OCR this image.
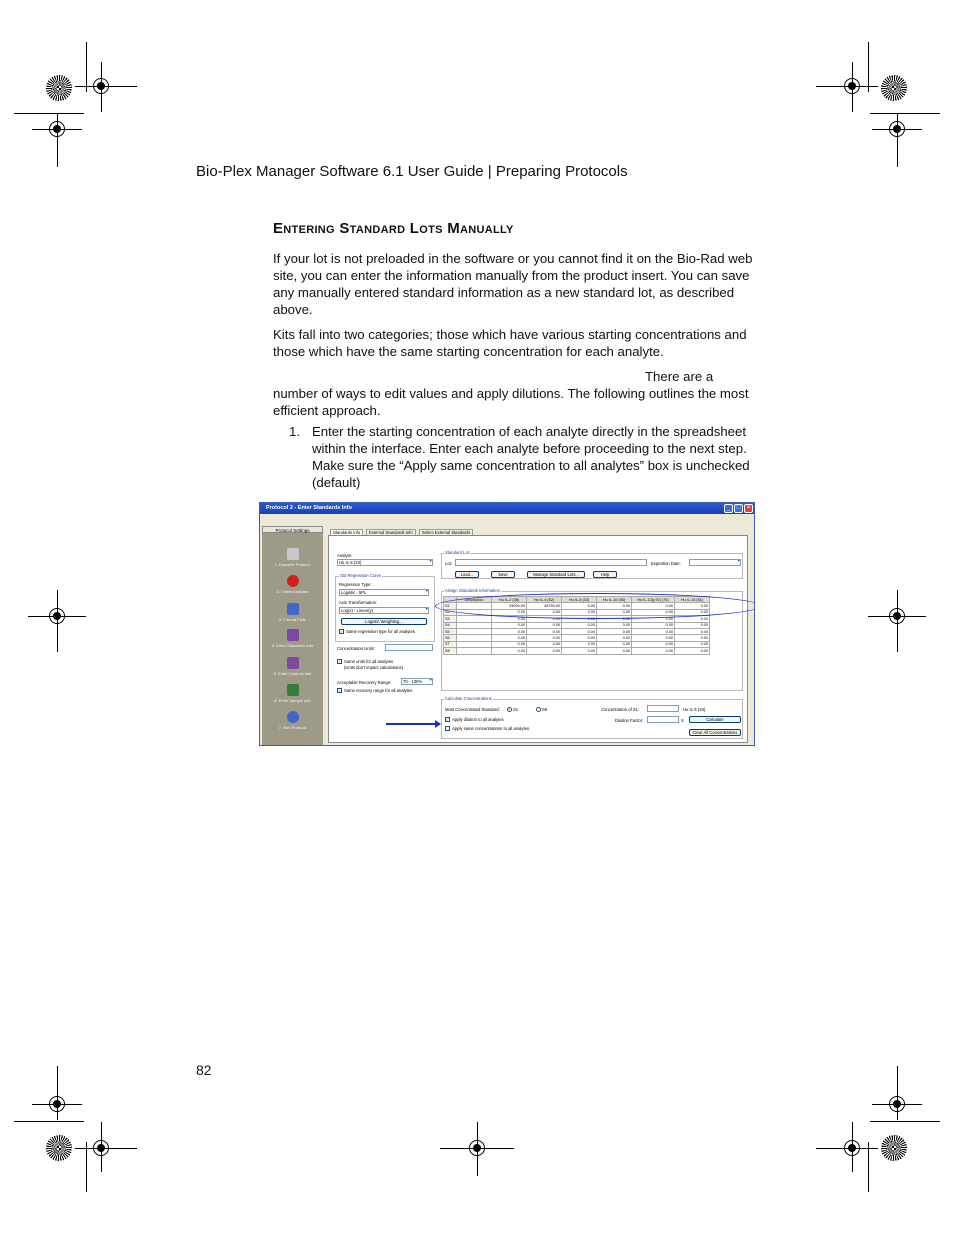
Bio-Plex Manager Software 6.1 User Guide | Preparing Protocols
Entering Standard Lots Manually
If your lot is not preloaded in the software or you cannot find it on the Bio-Rad web site, you can enter the information manually from the product insert. You can save any manually entered standard information as a new standard lot, as described above.
Kits fall into two categories; those which have various starting concentrations and those which have the same starting concentration for each analyte.
There are a
number of ways to edit values and apply dilutions. The following outlines the most efficient approach.
1. Enter the starting concentration of each analyte directly in the spreadsheet within the interface. Enter each analyte before proceeding to the next step. Make sure the “Apply same concentration to all analytes” box is unchecked (default)
Protocol 2 - Enter Standards Info	_	□	×
Protocol Settings
1. Describe Protocol
2. Select Analytes
3. Format Plate
4. Enter Standards Info
5. Enter Controls Info
6. Enter Sample Info
7. Run Protocol
Standards Info	External Standards Info	Select External Standards
Analyte:
Hu IL-5 (33) ▾
Std Regression Curve
Regression Type:
Logistic - 5PL ▾
Axis Transformation:
Log(x) - Linear(y) ▾
Logistic Weighting...
✓ Same regression type for all analytes
Concentration Units:
✓ Same units for all analytes
(Units don't impact calculations)
Acceptable Recovery Range:	70 - 130% ▾
✓ Same recovery range for all analytes
Standard Lot
Lot:	Expiration Date:
▾
Load...	Save	Manage Standard Lots...	Help
Assign Standards Information
Calculate Concentrations
Most Concentrated Standard:	S1	S8
✓ Apply dilution to all analytes
Apply same concentrations to all analytes
Concentration of S1:	Hu IL-5 (33)
Dilution Factor:	X	Calculate
Clear All Concentrations
	Description	Hu IL-2 (38)	Hu IL-4 (52)	Hu IL-5 (33)	Hu IL-10 (56)	Hu IL-12(p70) (75)	Hu IL-13 (51)
S1		33094.00	46750.00	0.00	0.00	0.00	0.00
S2		0.00	0.00	0.00	0.00	0.00	0.00
S3		0.00	0.00	0.00	0.00	0.00	0.00
S4		0.00	0.00	0.00	0.00	0.00	0.00
S5		0.00	0.00	0.00	0.00	0.00	0.00
S6		0.00	0.00	0.00	0.00	0.00	0.00
S7		0.00	0.00	0.00	0.00	0.00	0.00
S8		0.00	0.00	0.00	0.00	0.00	0.00
82
